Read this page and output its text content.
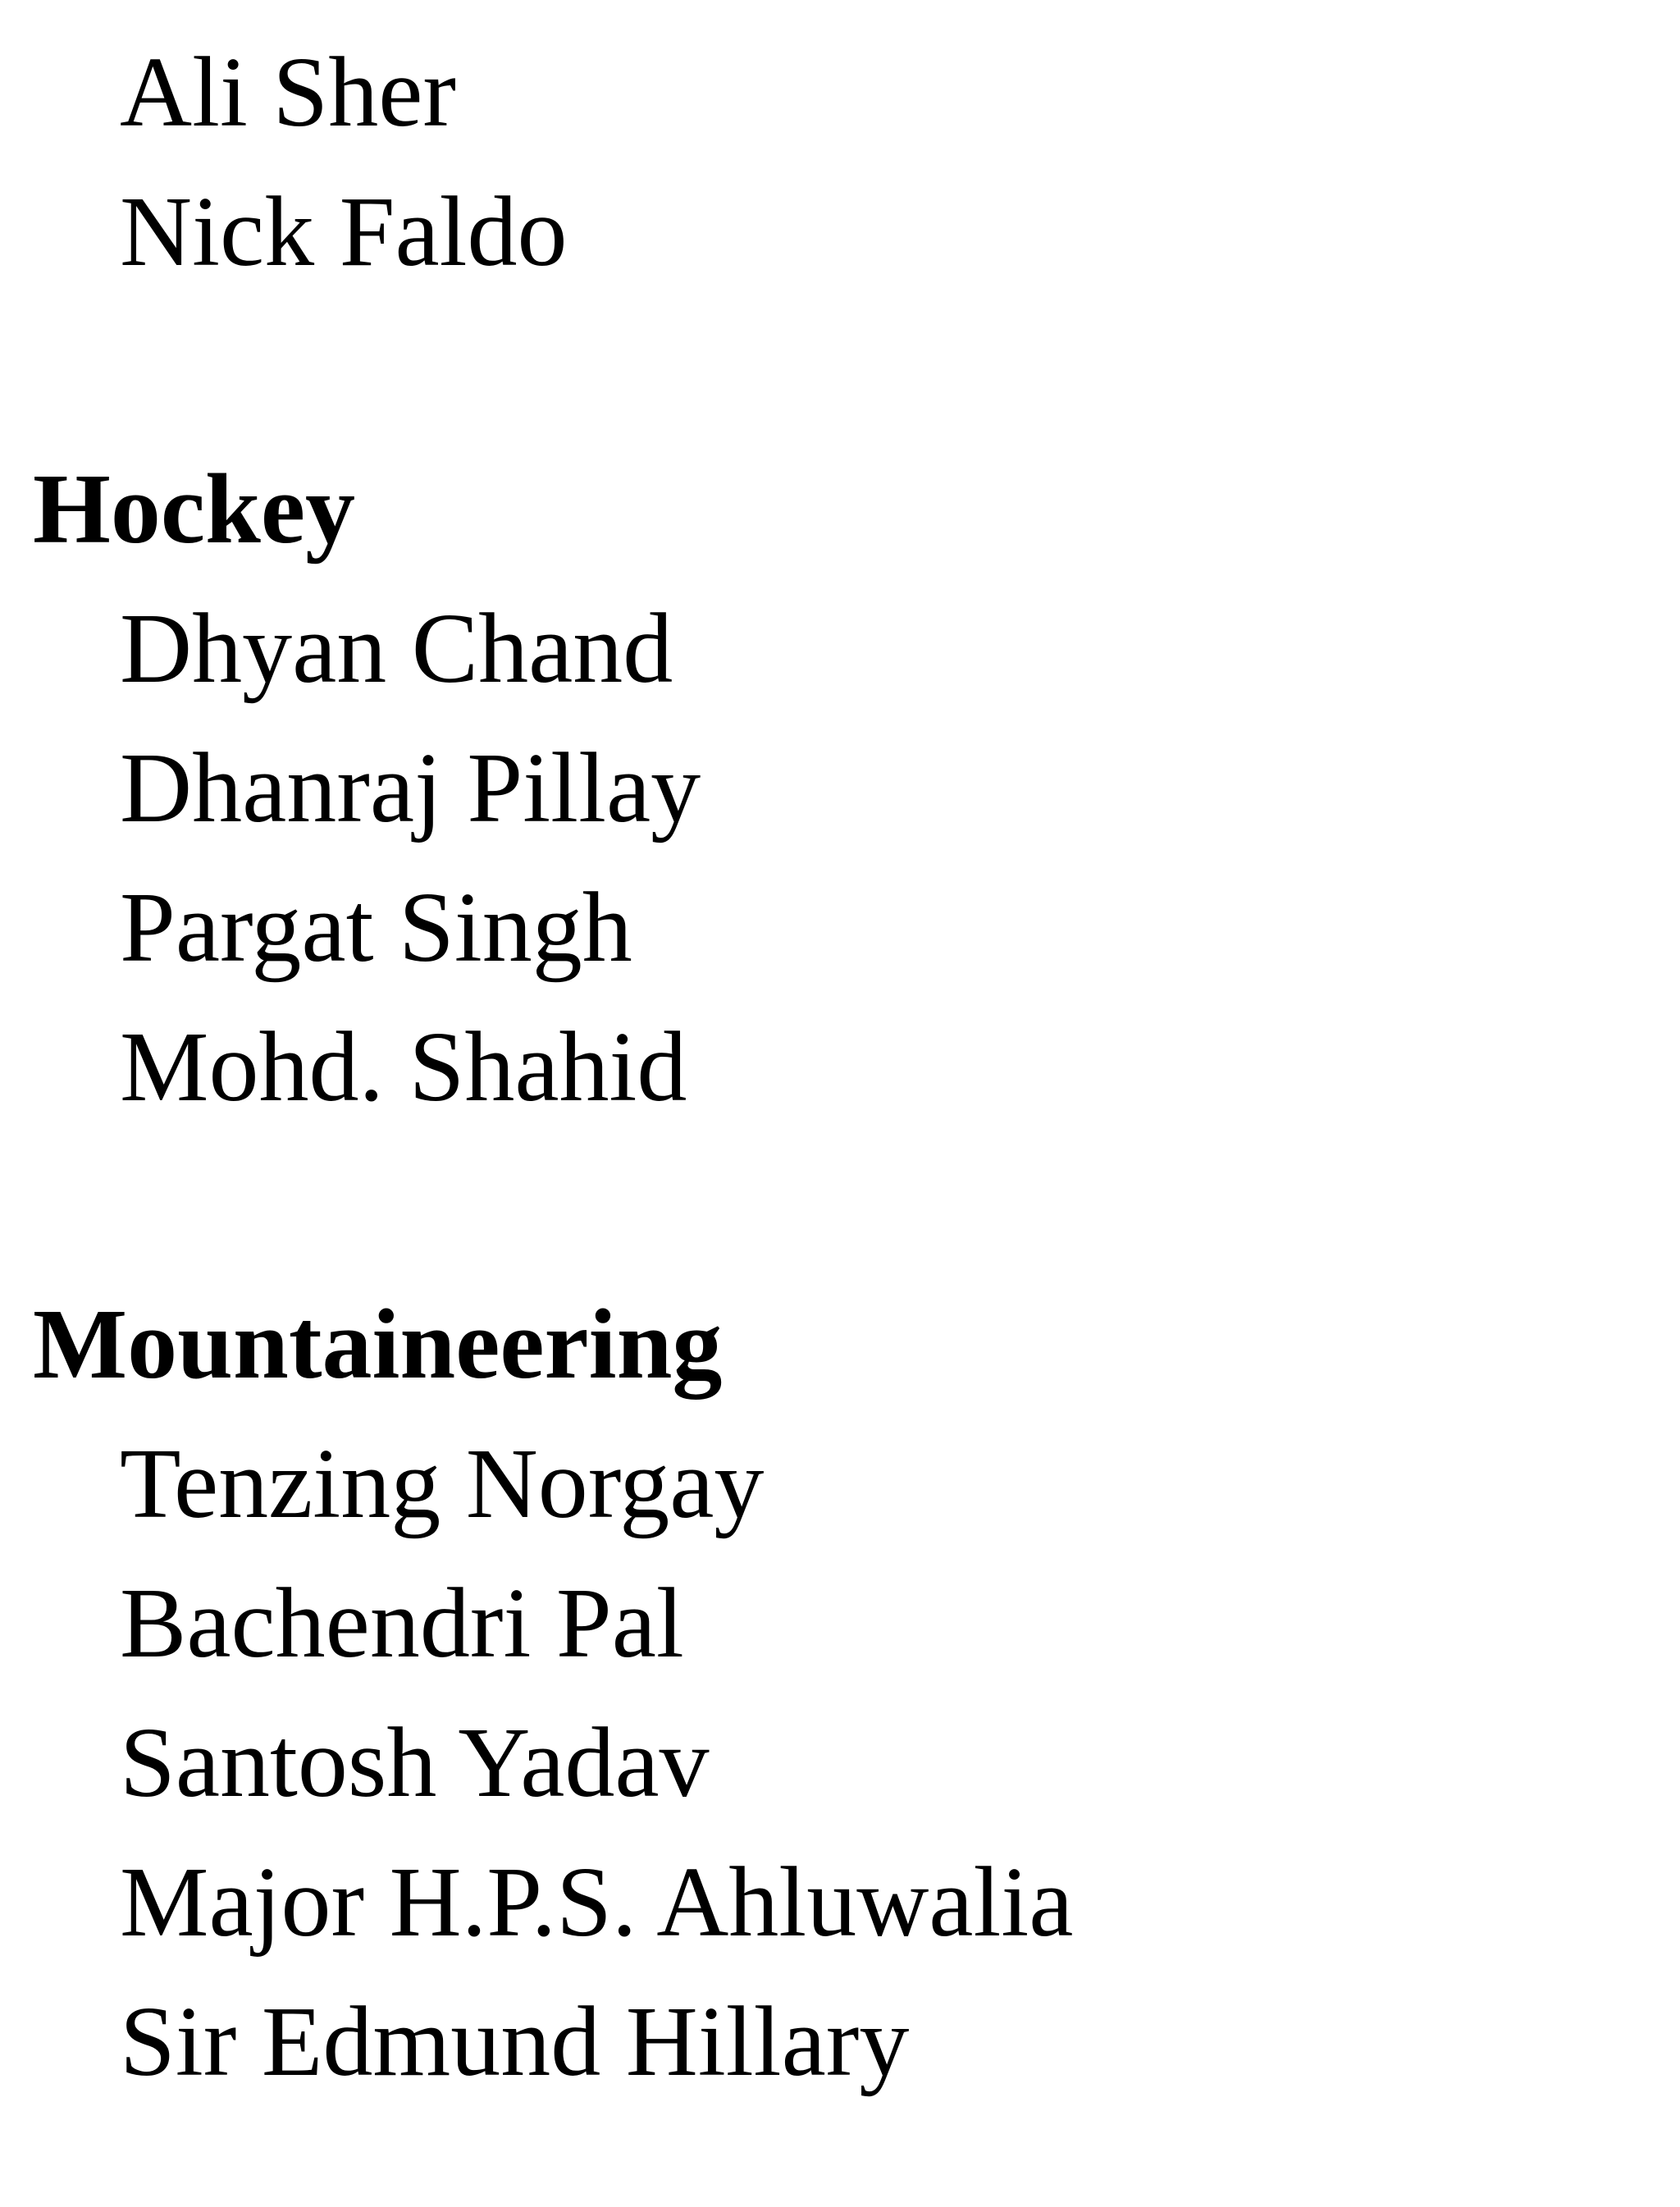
Ali Sher
Nick Faldo
Hockey
Dhyan Chand
Dhanraj Pillay
Pargat Singh
Mohd. Shahid
Mountaineering
Tenzing Norgay
Bachendri Pal
Santosh Yadav
Major H.P.S. Ahluwalia
Sir Edmund Hillary
